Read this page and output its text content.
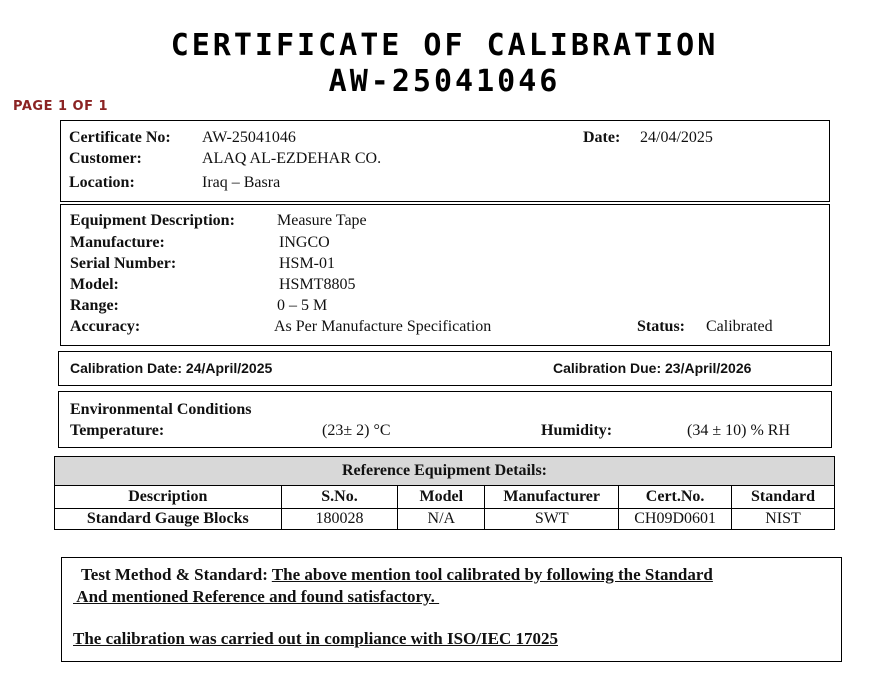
CERTIFICATE OF CALIBRATION
AW-25041046
PAGE 1 OF 1
Certificate No: AW-25041046	Date: 24/04/2025
Customer:	ALAQ AL-EZDEHAR CO.
Location:	Iraq – Basra
Equipment Description:	Measure Tape
Manufacture:	INGCO
Serial Number:	HSM-01
Model:	HSMT8805
Range:	0 – 5 M
Accuracy:	As Per Manufacture Specification	Status: Calibrated
Calibration Date: 24/April/2025	Calibration Due: 23/April/2026
Environmental Conditions
Temperature:	(23± 2) °C	Humidity:	(34 ± 10) % RH
Reference Equipment Details:					
Description	S.No.	Model	Manufacturer	Cert.No.	Standard
Standard Gauge Blocks	180028	N/A	SWT	CH09D0601	NIST
Test Method & Standard: The above mention tool calibrated by following the Standard
And mentioned Reference and found satisfactory.
The calibration was carried out in compliance with ISO/IEC 17025
